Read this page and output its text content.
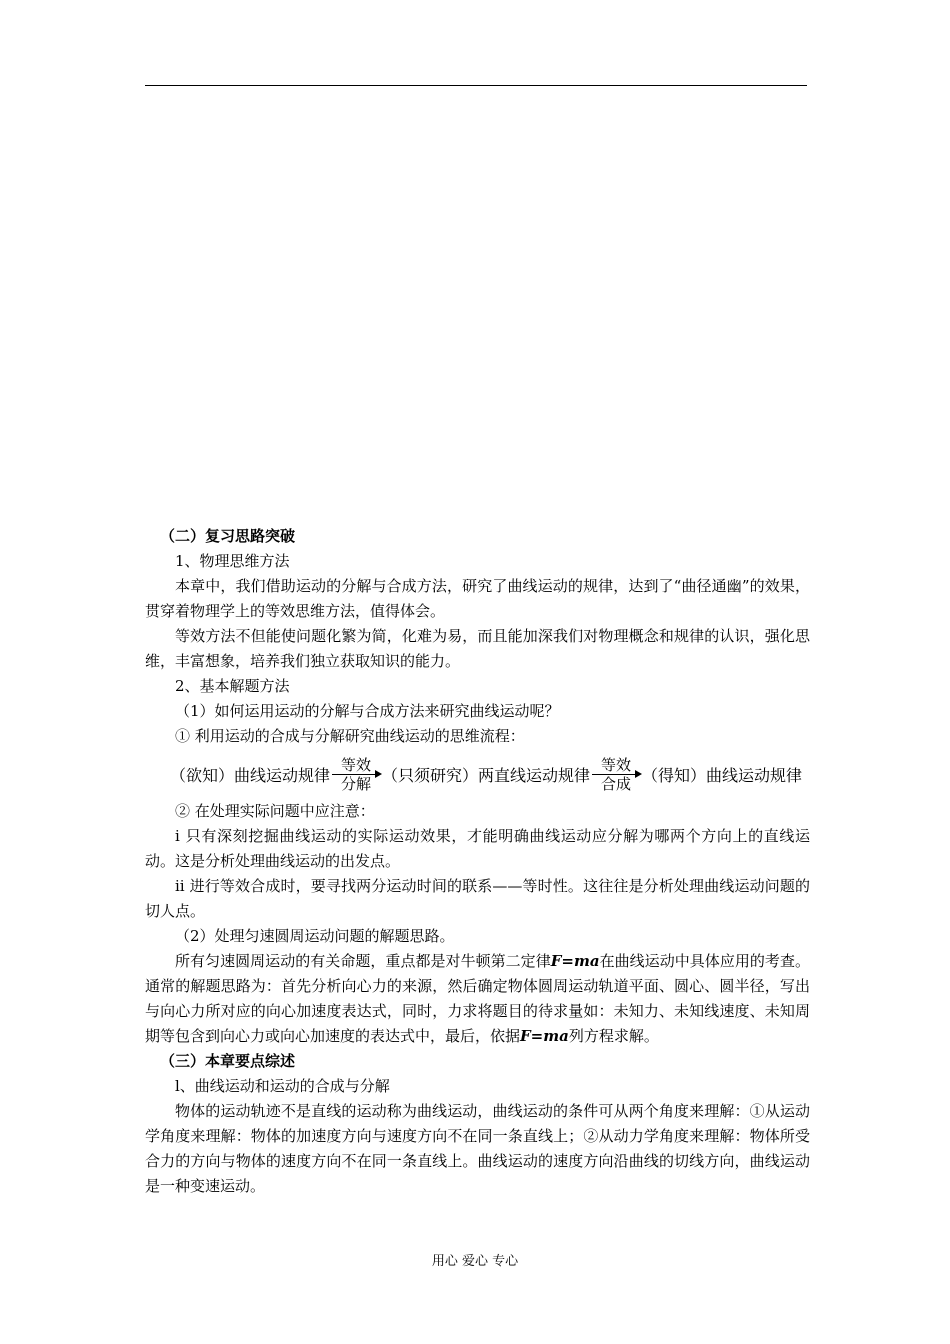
（二）复习思路突破

1、物理思维方法

本章中，我们借助运动的分解与合成方法，研究了曲线运动的规律，达到了“曲径通幽”的效果，贯穿着物理学上的等效思维方法，值得体会。

等效方法不但能使问题化繁为简，化难为易，而且能加深我们对物理概念和规律的认识，强化思维，丰富想象，培养我们独立获取知识的能力。

2、基本解题方法

（1）如何运用运动的分解与合成方法来研究曲线运动呢？

① 利用运动的合成与分解研究曲线运动的思维流程：

（欲知）曲线运动规律
等效
分解 （只须研究）两直线运动规律
等效
合成 （得知）曲线运动规律

② 在处理实际问题中应注意：

ⅰ 只有深刻挖掘曲线运动的实际运动效果，才能明确曲线运动应分解为哪两个方向上的直线运动。这是分析处理曲线运动的出发点。

ⅱ 进行等效合成时，要寻找两分运动时间的联系——等时性。这往往是分析处理曲线运动问题的切人点。

（2）处理匀速圆周运动问题的解题思路。

所有匀速圆周运动的有关命题，重点都是对牛顿第二定律F=ma在曲线运动中具体应用的考查。通常的解题思路为：首先分析向心力的来源，然后确定物体圆周运动轨道平面、圆心、圆半径，写出与向心力所对应的向心加速度表达式，同时，力求将题目的待求量如：未知力、未知线速度、未知周期等包含到向心力或向心加速度的表达式中，最后，依据F=ma列方程求解。

（三）本章要点综述

l、曲线运动和运动的合成与分解

物体的运动轨迹不是直线的运动称为曲线运动，曲线运动的条件可从两个角度来理解：①从运动学角度来理解：物体的加速度方向与速度方向不在同一条直线上；②从动力学角度来理解：物体所受合力的方向与物体的速度方向不在同一条直线上。曲线运动的速度方向沿曲线的切线方向，曲线运动是一种变速运动。

用心 爱心 专心
